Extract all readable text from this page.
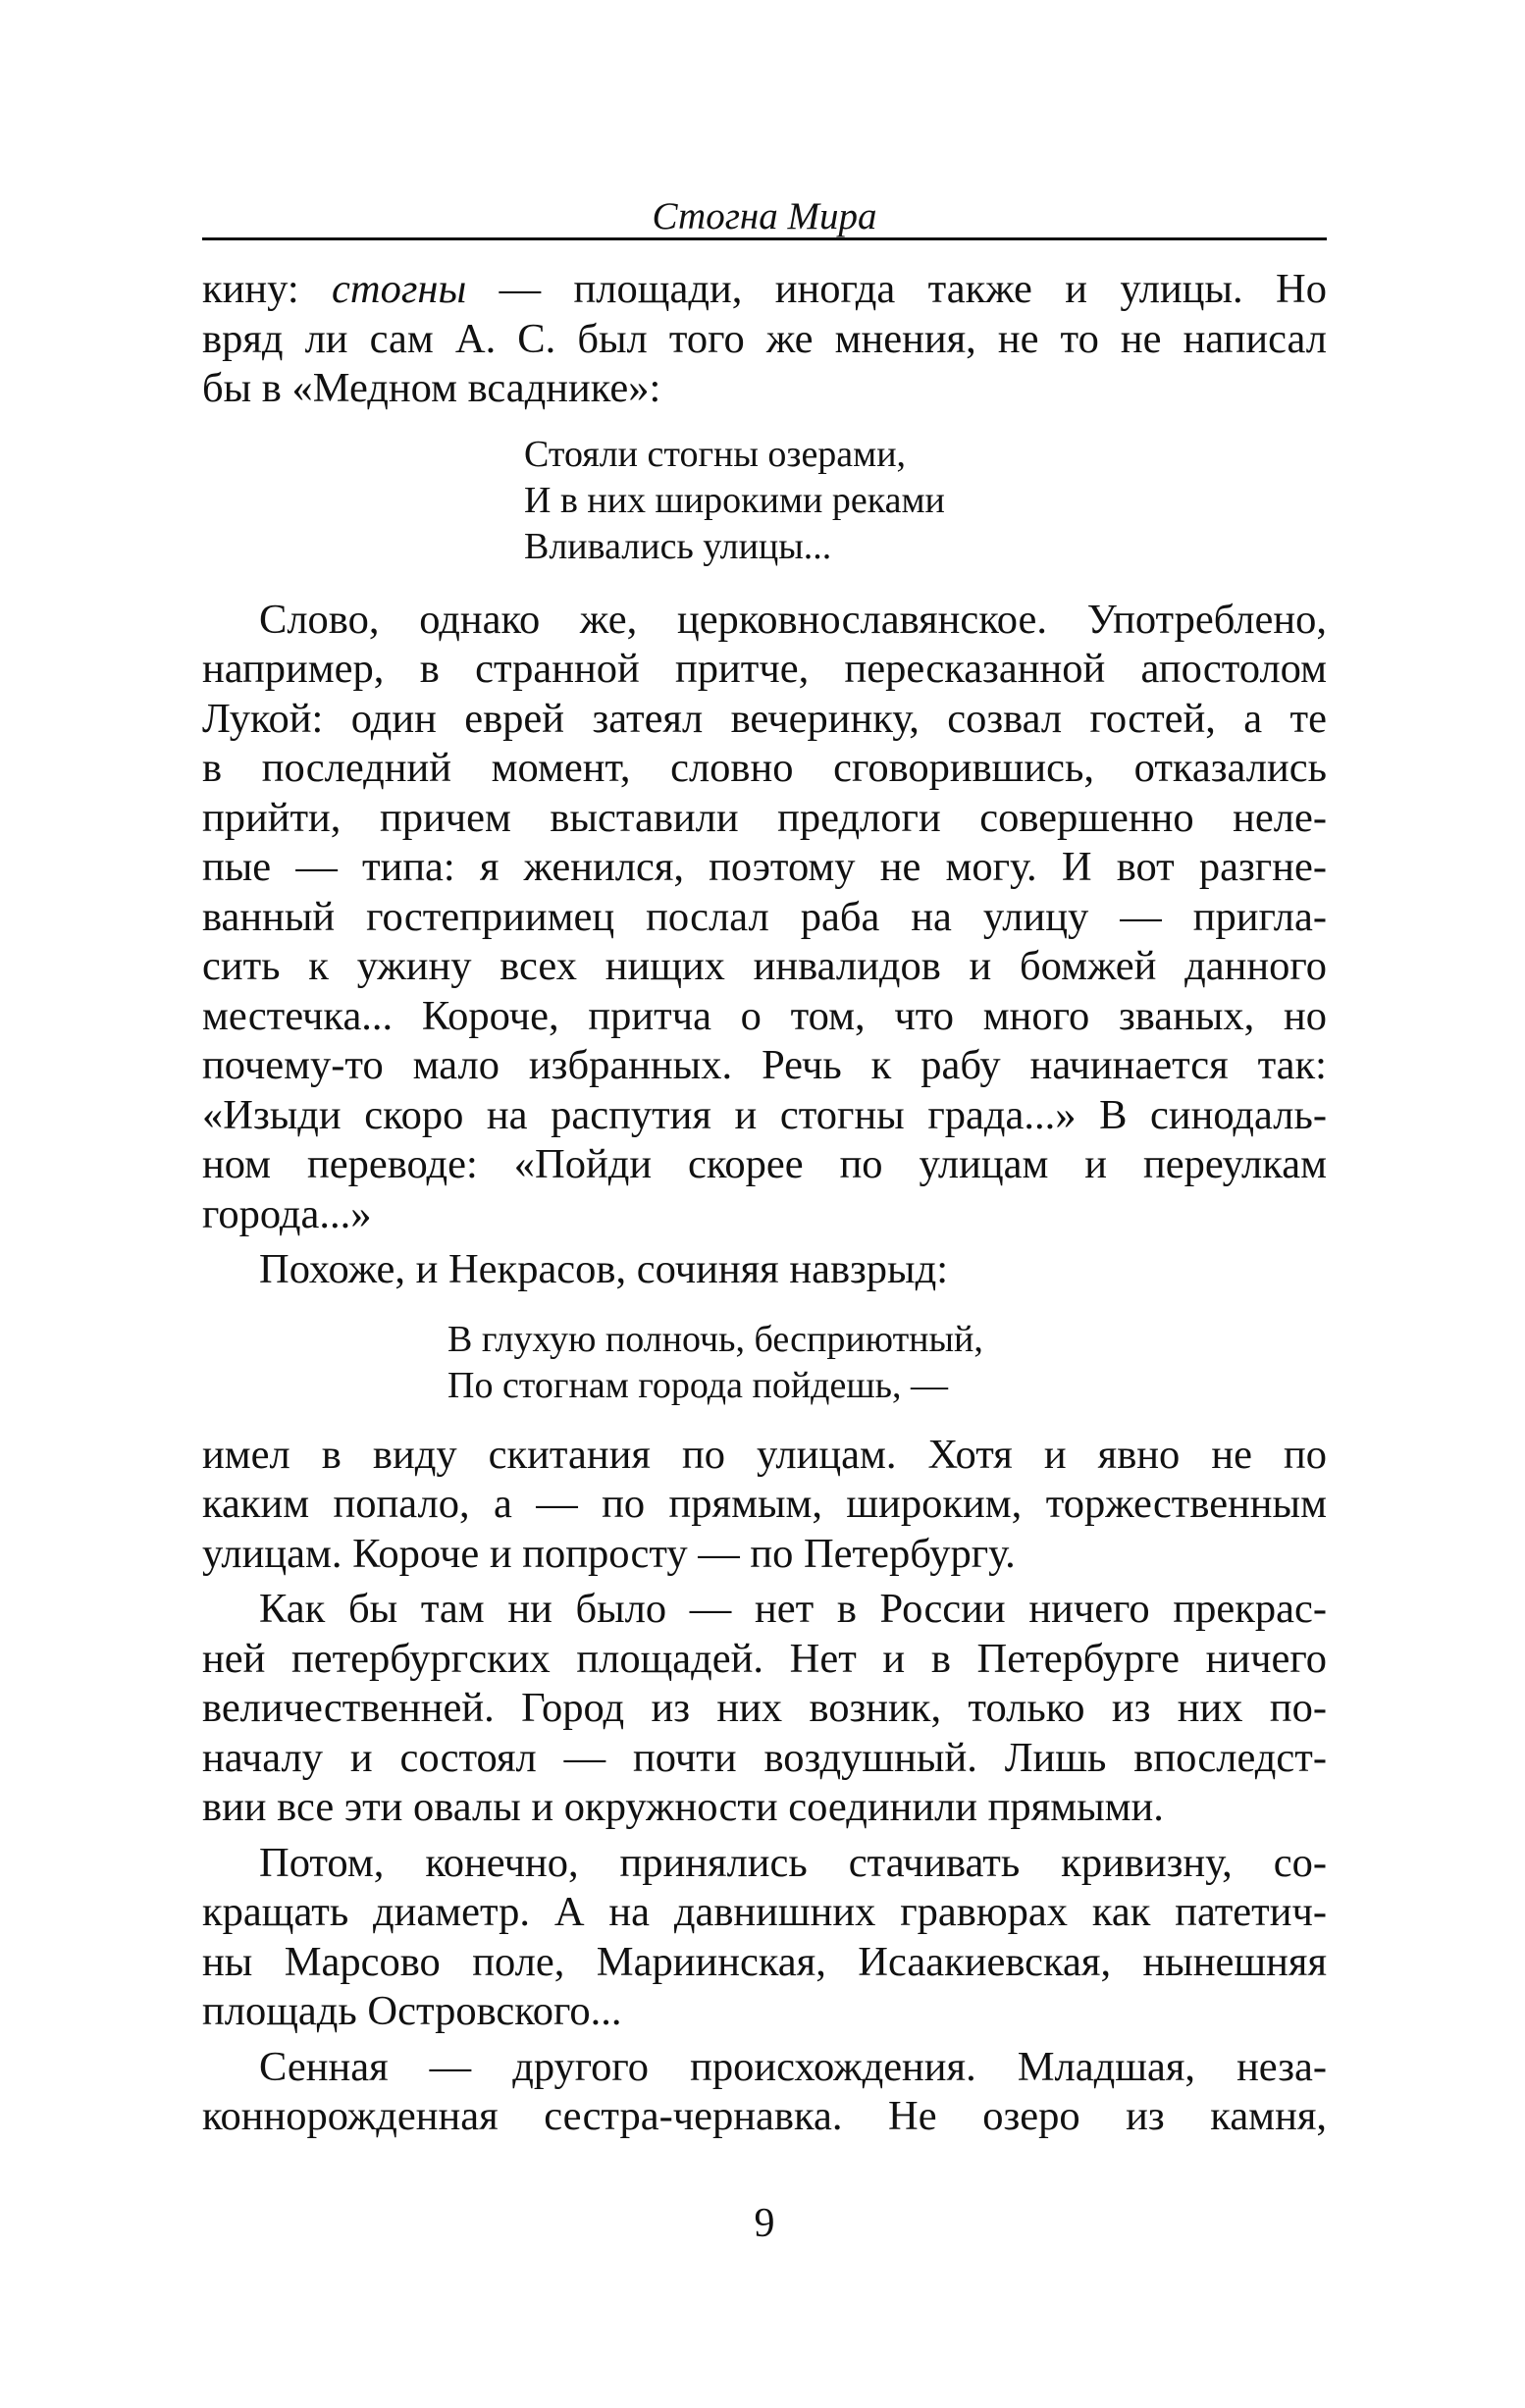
Стогна Мира
кину: стогны — площади, иногда также и улицы. Но
вряд ли сам А. С. был того же мнения, не то не написал
бы в «Медном всаднике»:
Стояли стогны озерами,
И в них широкими реками
Вливались улицы...
Слово, однако же, церковнославянское. Употреблено,
например, в странной притче, пересказанной апостолом
Лукой: один еврей затеял вечеринку, созвал гостей, а те
в последний момент, словно сговорившись, отказались
прийти, причем выставили предлоги совершенно неле-
пые — типа: я женился, поэтому не могу. И вот разгне-
ванный гостеприимец послал раба на улицу — пригла-
сить к ужину всех нищих инвалидов и бомжей данного
местечка... Короче, притча о том, что много званых, но
почему-то мало избранных. Речь к рабу начинается так:
«Изыди скоро на распутия и стогны града...» В синодаль-
ном переводе: «Пойди скорее по улицам и переулкам
города...»
Похоже, и Некрасов, сочиняя навзрыд:
В глухую полночь, бесприютный,
По стогнам города пойдешь, —
имел в виду скитания по улицам. Хотя и явно не по
каким попало, а — по прямым, широким, торжественным
улицам. Короче и попросту — по Петербургу.
Как бы там ни было — нет в России ничего прекрас-
ней петербургских площадей. Нет и в Петербурге ничего
величественней. Город из них возник, только из них по-
началу и состоял — почти воздушный. Лишь впоследст-
вии все эти овалы и окружности соединили прямыми.
Потом, конечно, принялись стачивать кривизну, со-
кращать диаметр. А на давнишних гравюрах как патетич-
ны Марсово поле, Мариинская, Исаакиевская, нынешняя
площадь Островского...
Сенная — другого происхождения. Младшая, неза-
коннорожденная сестра-чернавка. Не озеро из камня,
9
